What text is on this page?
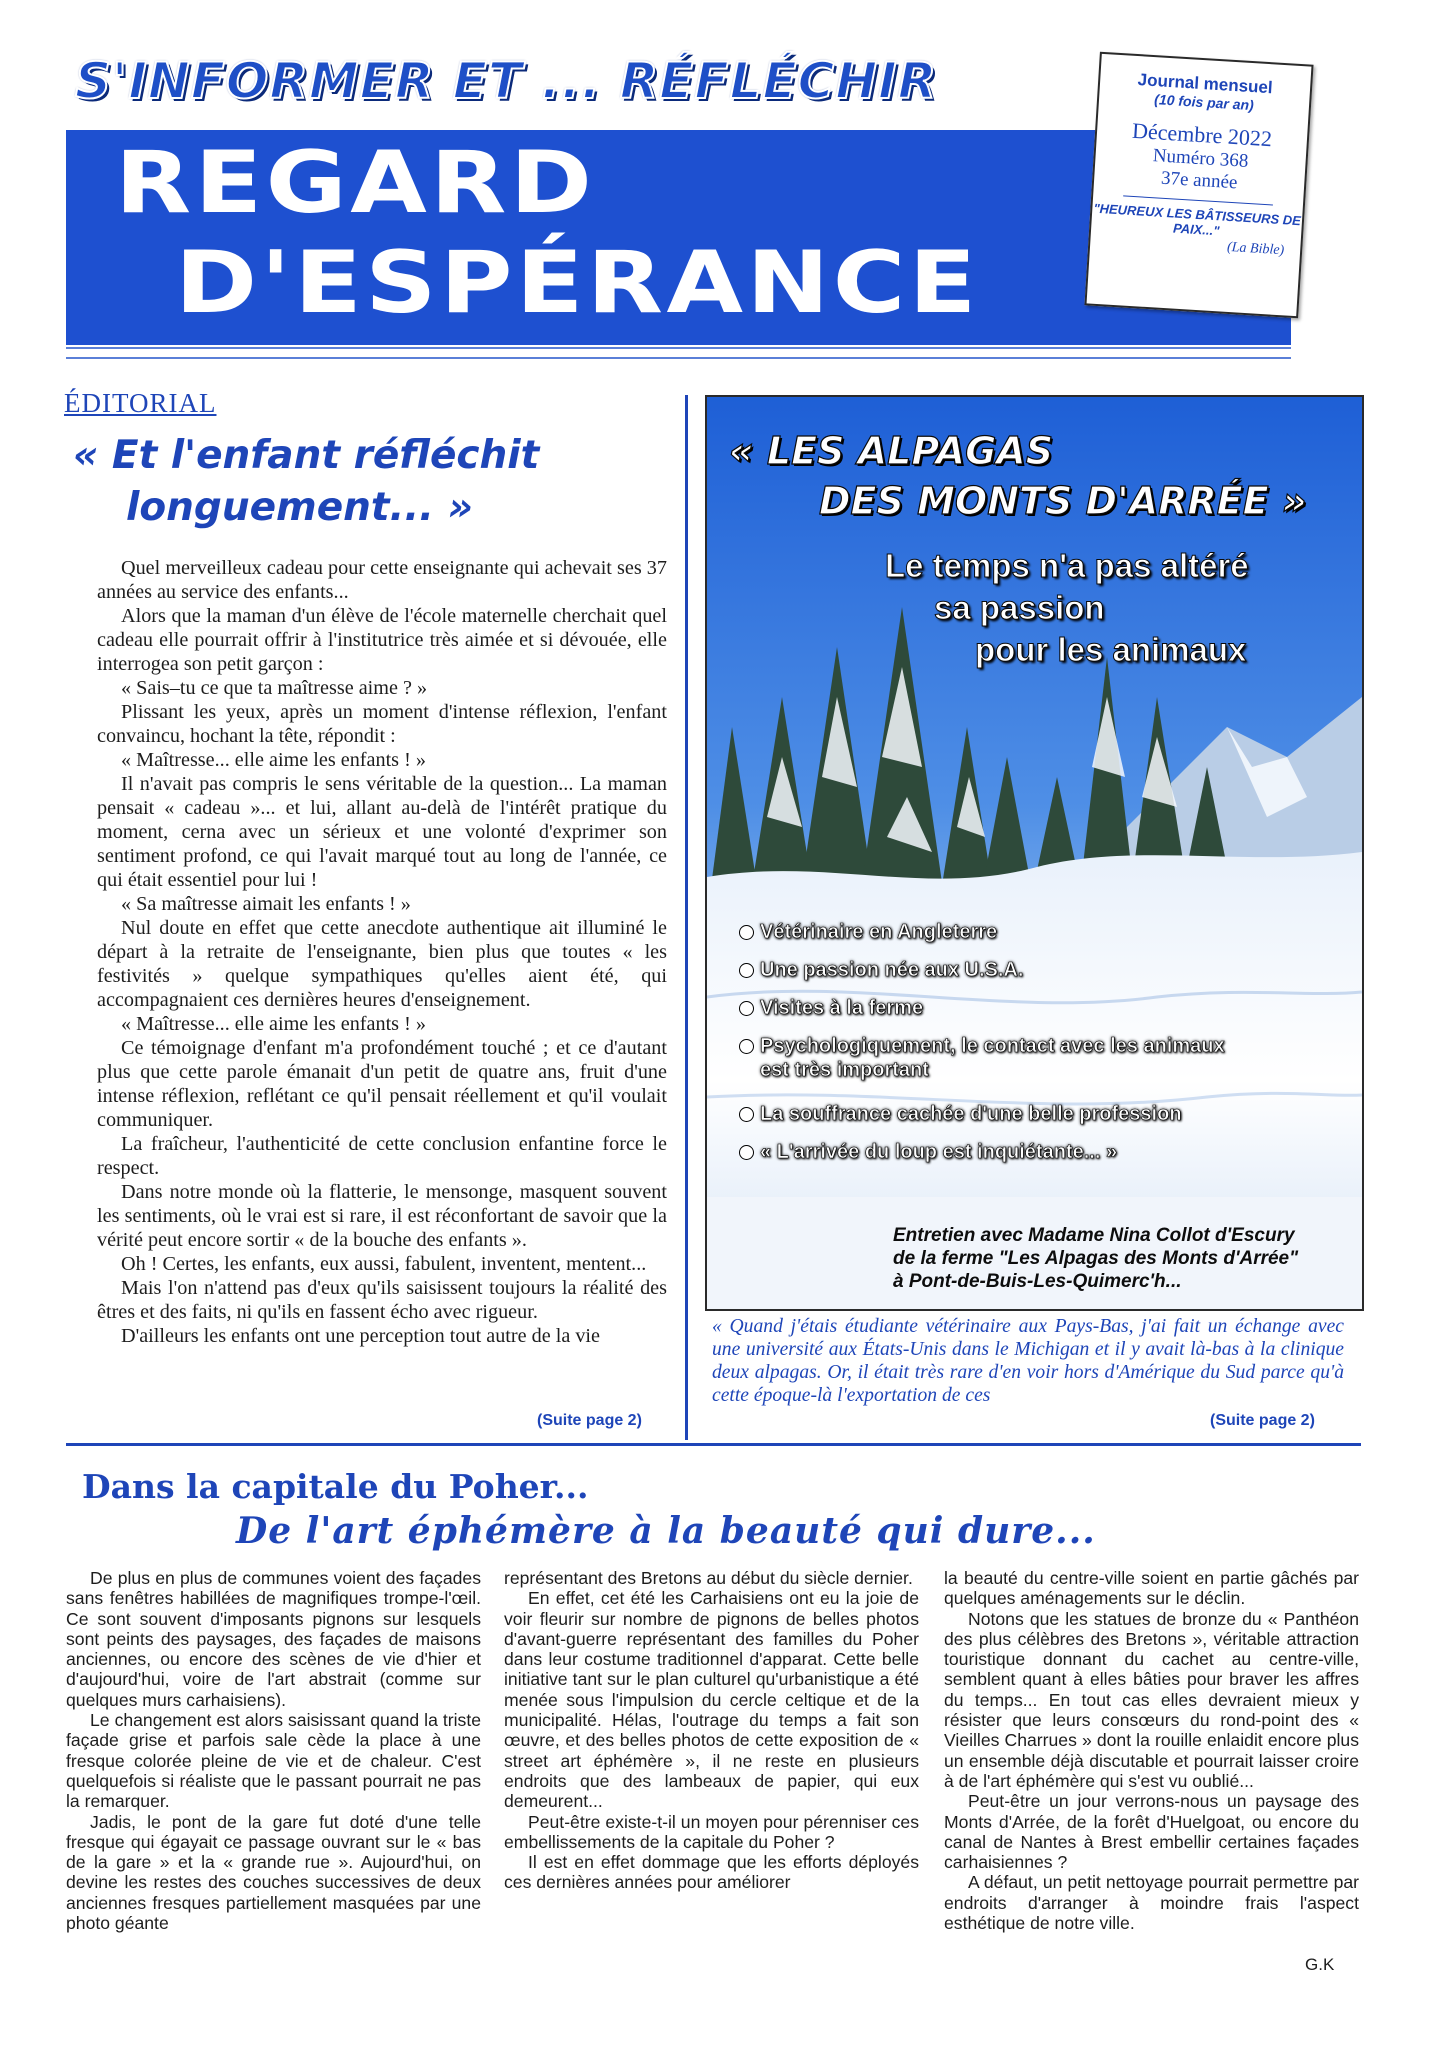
S'INFORMER ET ... RÉFLÉCHIR
REGARD
D'ESPÉRANCE
Journal mensuel
(10 fois par an)
Décembre 2022
Numéro 368
37e année
"HEUREUX LES BÂTISSEURS DE PAIX..."
(La Bible)
ÉDITORIAL
« Et l'enfant réfléchit
longuement... »

Quel merveilleux cadeau pour cette enseignante qui achevait ses 37 années au service des enfants...

Alors que la maman d'un élève de l'école maternelle cherchait quel cadeau elle pourrait offrir à l'institutrice très aimée et si dévouée, elle interrogea son petit garçon :

« Sais–tu ce que ta maîtresse aime ? »

Plissant les yeux, après un moment d'intense réflexion, l'enfant convaincu, hochant la tête, répondit :

« Maîtresse... elle aime les enfants ! »

Il n'avait pas compris le sens véritable de la question... La maman pensait « cadeau »... et lui, allant au-delà de l'intérêt pratique du moment, cerna avec un sérieux et une volonté d'exprimer son sentiment profond, ce qui l'avait marqué tout au long de l'année, ce qui était essentiel pour lui !

« Sa maîtresse aimait les enfants ! »

Nul doute en effet que cette anecdote authentique ait illuminé le départ à la retraite de l'enseignante, bien plus que toutes « les festivités » quelque sympathiques qu'elles aient été, qui accompagnaient ces dernières heures d'enseignement.

« Maîtresse... elle aime les enfants ! »

Ce témoignage d'enfant m'a profondément touché ; et ce d'autant plus que cette parole émanait d'un petit de quatre ans, fruit d'une intense réflexion, reflétant ce qu'il pensait réellement et qu'il voulait communiquer.

La fraîcheur, l'authenticité de cette conclusion enfantine force le respect.

Dans notre monde où la flatterie, le mensonge, masquent souvent les sentiments, où le vrai est si rare, il est réconfortant de savoir que la vérité peut encore sortir « de la bouche des enfants ».

Oh ! Certes, les enfants, eux aussi, fabulent, inventent, mentent...

Mais l'on n'attend pas d'eux qu'ils saisissent toujours la réalité des êtres et des faits, ni qu'ils en fassent écho avec rigueur.

D'ailleurs les enfants ont une perception tout autre de la vie

(Suite page 2)
« LES ALPAGAS
DES MONTS D'ARRÉE »
Le temps n'a pas altéré
sa passion
pour les animaux
Vétérinaire en Angleterre
Une passion née aux U.S.A.
Visites à la ferme
Psychologiquement, le contact avec les animaux
est très important
La souffrance cachée d'une belle profession
« L'arrivée du loup est inquiétante... »
Entretien avec Madame Nina Collot d'Escury
de la ferme "Les Alpagas des Monts d'Arrée"
à Pont-de-Buis-Les-Quimerc'h...
« Quand j'étais étudiante vétérinaire aux Pays-Bas, j'ai fait un échange avec une université aux États-Unis dans le Michigan et il y avait là-bas à la clinique deux alpagas. Or, il était très rare d'en voir hors d'Amérique du Sud parce qu'à cette époque-là l'exportation de ces
(Suite page 2)
Dans la capitale du Poher...
De l'art éphémère à la beauté qui dure...

De plus en plus de communes voient des façades sans fenêtres habillées de magnifiques trompe-l'œil. Ce sont souvent d'imposants pignons sur lesquels sont peints des paysages, des façades de maisons anciennes, ou encore des scènes de vie d'hier et d'aujourd'hui, voire de l'art abstrait (comme sur quelques murs carhaisiens).

Le changement est alors saisissant quand la triste façade grise et parfois sale cède la place à une fresque colorée pleine de vie et de chaleur. C'est quelquefois si réaliste que le passant pourrait ne pas la remarquer.

Jadis, le pont de la gare fut doté d'une telle fresque qui égayait ce passage ouvrant sur le « bas de la gare » et la « grande rue ». Aujourd'hui, on devine les restes des couches successives de deux anciennes fresques partiellement masquées par une photo géante

représentant des Bretons au début du siècle dernier.

En effet, cet été les Carhaisiens ont eu la joie de voir fleurir sur nombre de pignons de belles photos d'avant-guerre représentant des familles du Poher dans leur costume traditionnel d'apparat. Cette belle initiative tant sur le plan culturel qu'urbanistique a été menée sous l'impulsion du cercle celtique et de la municipalité. Hélas, l'outrage du temps a fait son œuvre, et des belles photos de cette exposition de « street art éphémère », il ne reste en plusieurs endroits que des lambeaux de papier, qui eux demeurent...

Peut-être existe-t-il un moyen pour pérenniser ces embellissements de la capitale du Poher ?

Il est en effet dommage que les efforts déployés ces dernières années pour améliorer

la beauté du centre-ville soient en partie gâchés par quelques aménagements sur le déclin.

Notons que les statues de bronze du « Panthéon des plus célèbres des Bretons », véritable attraction touristique donnant du cachet au centre-ville, semblent quant à elles bâties pour braver les affres du temps... En tout cas elles devraient mieux y résister que leurs consœurs du rond-point des « Vieilles Charrues » dont la rouille enlaidit encore plus un ensemble déjà discutable et pourrait laisser croire à de l'art éphémère qui s'est vu oublié...

Peut-être un jour verrons-nous un paysage des Monts d'Arrée, de la forêt d'Huelgoat, ou encore du canal de Nantes à Brest embellir certaines façades carhaisiennes ?

A défaut, un petit nettoyage pourrait permettre par endroits d'arranger à moindre frais l'aspect esthétique de notre ville.

G.K
